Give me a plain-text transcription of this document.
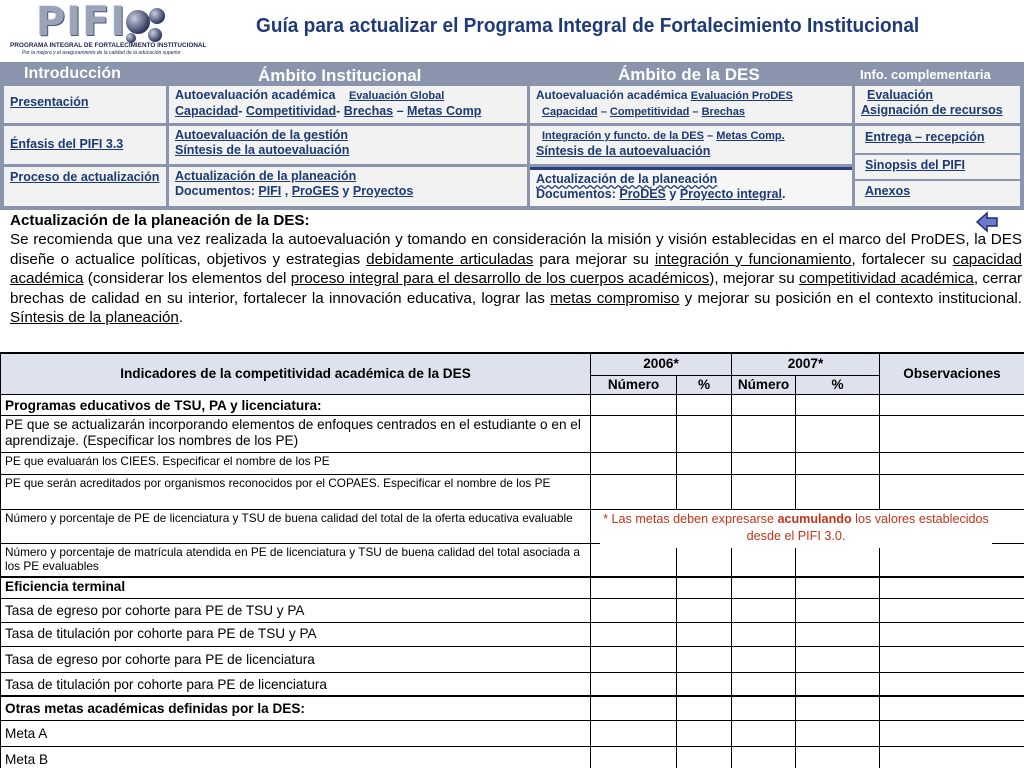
PIFI
PROGRAMA INTEGRAL DE FORTALECIMIENTO INSTITUCIONAL
Por la mejora y el aseguramiento de la calidad de la educación superior
Guía para actualizar el Programa Integral de Fortalecimiento Institucional
Introducción	Ámbito Institucional	Ámbito de la DES	Info. complementaria
Presentación
Énfasis del PIFI 3.3
Proceso de actualización
Autoevaluación académica Evaluación Global
Capacidad- Competitividad- Brechas – Metas Comp
Autoevaluación de la gestión
Síntesis de la autoevaluación
Actualización de la planeación
Documentos: PIFI , ProGES y Proyectos
Autoevaluación académica Evaluación ProDES
Capacidad – Competitividad – Brechas
Integración y functo. de la DES – Metas Comp.
Síntesis de la autoevaluación
Actualización de la planeación
Documentos: ProDES y Proyecto integral.
Evaluación
Asignación de recursos
Entrega – recepción
Sinopsis del PIFI
Anexos
Actualización de la planeación de la DES:
Se recomienda que una vez realizada la autoevaluación y tomando en consideración la misión y visión establecidas en el marco del ProDES, la DES diseñe o actualice políticas, objetivos y estrategias debidamente articuladas para mejorar su integración y funcionamiento, fortalecer su capacidad académica (considerar los elementos del proceso integral para el desarrollo de los cuerpos académicos), mejorar su competitividad académica, cerrar brechas de calidad en su interior, fortalecer la innovación educativa, lograr las metas compromiso y mejorar su posición en el contexto institucional. Síntesis de la planeación.
Indicadores de la competitividad académica de la DES	2006*		2007*		Observaciones
	Número	%	Número	%	
Programas educativos de TSU, PA y licenciatura:					
PE que se actualizarán incorporando elementos de enfoques centrados en el estudiante o en el aprendizaje. (Especificar los nombres de los PE)					
PE que evaluarán los CIEES. Especificar el nombre de los PE					
PE que serán acreditados por organismos reconocidos por el COPAES. Especificar el nombre de los PE					
Número y porcentaje de PE de licenciatura y TSU de buena calidad del total de la oferta educativa evaluable					
Número y porcentaje de matrícula atendida en PE de licenciatura y TSU de buena calidad del total asociada a los PE evaluables					
Eficiencia terminal					
Tasa de egreso por cohorte para PE de TSU y PA					
Tasa de titulación por cohorte para PE de TSU y PA					
Tasa de egreso por cohorte para PE de licenciatura					
Tasa de titulación por cohorte para PE de licenciatura					
Otras metas académicas definidas por la DES:					
Meta A					
Meta B					
* Las metas deben expresarse acumulando los valores establecidos desde el PIFI 3.0.
